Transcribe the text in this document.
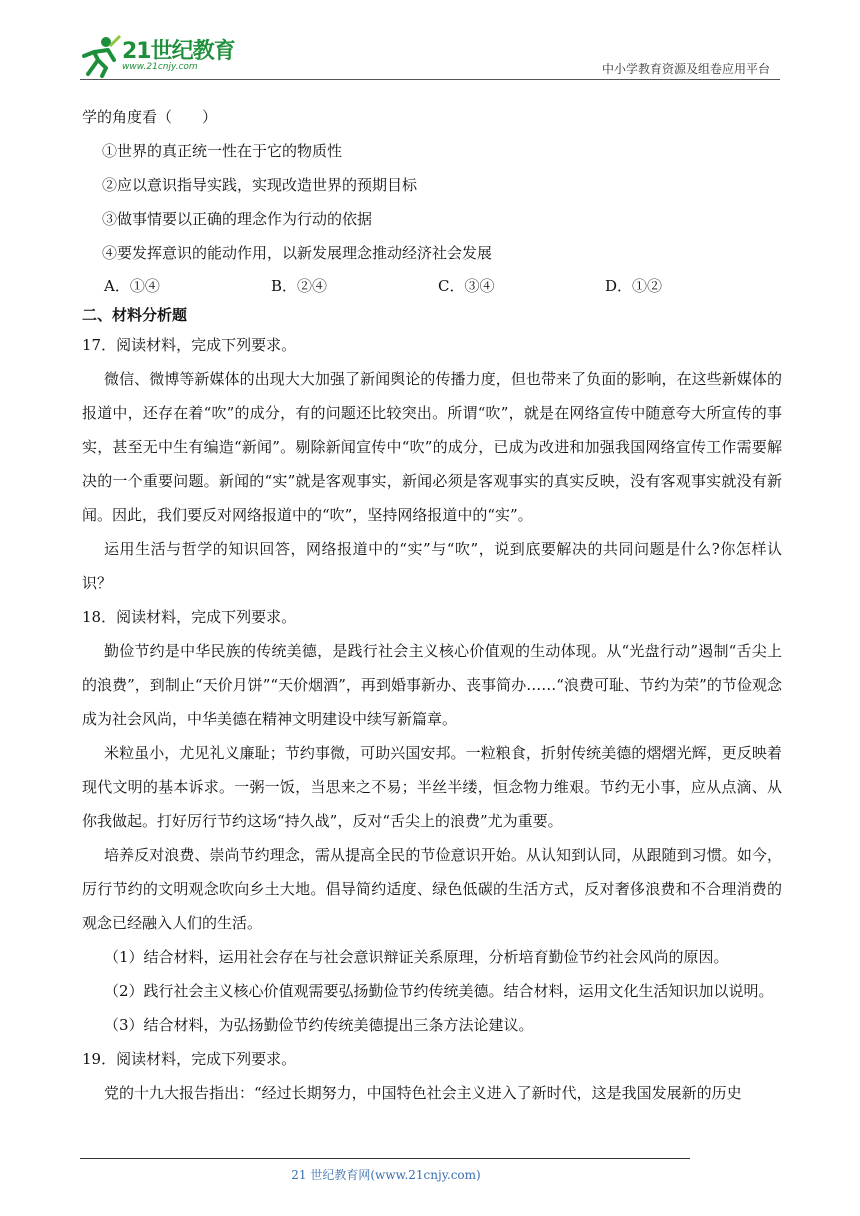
21世纪教育
www.21cnjy.com	中小学教育资源及组卷应用平台
学的角度看（　　）
①世界的真正统一性在于它的物质性
②应以意识指导实践，实现改造世界的预期目标
③做事情要以正确的理念作为行动的依据
④要发挥意识的能动作用，以新发展理念推动经济社会发展
A．①④	B．②④	C．③④	D．①②
二、材料分析题
17．阅读材料，完成下列要求。

微信、微博等新媒体的出现大大加强了新闻舆论的传播力度，但也带来了负面的影响，在这些新媒体的报道中，还存在着“吹”的成分，有的问题还比较突出。所谓“吹”，就是在网络宣传中随意夸大所宣传的事实，甚至无中生有编造“新闻”。剔除新闻宣传中“吹”的成分，已成为改进和加强我国网络宣传工作需要解决的一个重要问题。新闻的“实”就是客观事实，新闻必须是客观事实的真实反映，没有客观事实就没有新闻。因此，我们要反对网络报道中的“吹”，坚持网络报道中的“实”。

运用生活与哲学的知识回答，网络报道中的“实”与“吹”，说到底要解决的共同问题是什么?你怎样认识？

18．阅读材料，完成下列要求。

勤俭节约是中华民族的传统美德，是践行社会主义核心价值观的生动体现。从“光盘行动”遏制“舌尖上的浪费”，到制止“天价月饼”“天价烟酒”，再到婚事新办、丧事简办……“浪费可耻、节约为荣”的节俭观念成为社会风尚，中华美德在精神文明建设中续写新篇章。

米粒虽小，尤见礼义廉耻；节约事微，可助兴国安邦。一粒粮食，折射传统美德的熠熠光辉，更反映着现代文明的基本诉求。一粥一饭，当思来之不易；半丝半缕，恒念物力维艰。节约无小事，应从点滴、从你我做起。打好厉行节约这场“持久战”，反对“舌尖上的浪费”尤为重要。

培养反对浪费、崇尚节约理念，需从提高全民的节俭意识开始。从认知到认同，从跟随到习惯。如今，厉行节约的文明观念吹向乡土大地。倡导简约适度、绿色低碳的生活方式，反对奢侈浪费和不合理消费的观念已经融入人们的生活。

（1）结合材料，运用社会存在与社会意识辩证关系原理，分析培育勤俭节约社会风尚的原因。

（2）践行社会主义核心价值观需要弘扬勤俭节约传统美德。结合材料，运用文化生活知识加以说明。

（3）结合材料，为弘扬勤俭节约传统美德提出三条方法论建议。

19．阅读材料，完成下列要求。

党的十九大报告指出：“经过长期努力，中国特色社会主义进入了新时代，这是我国发展新的历史

21 世纪教育网(www.21cnjy.com)
